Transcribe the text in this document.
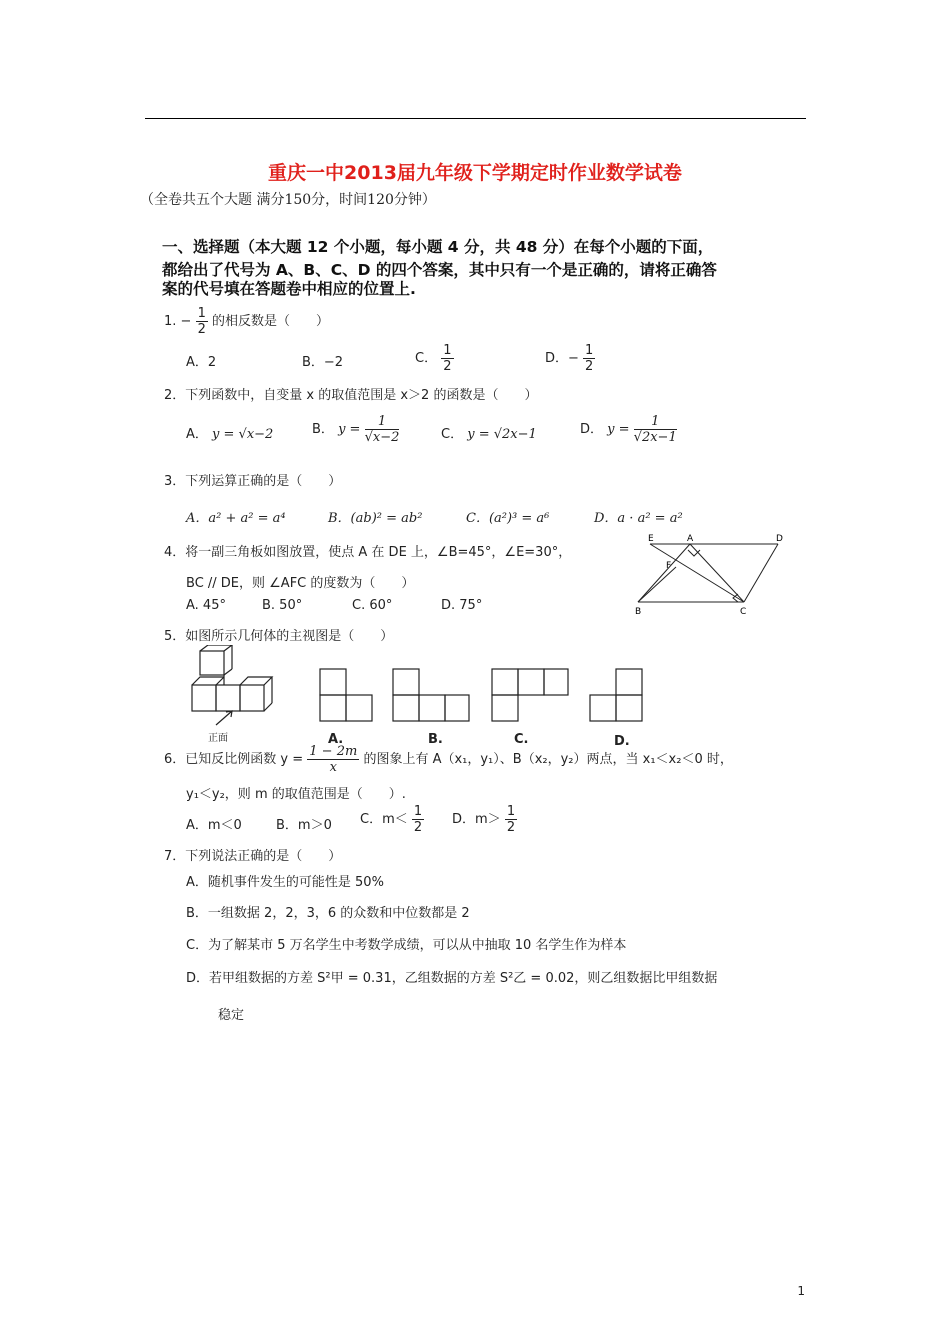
重庆一中2013届九年级下学期定时作业数学试卷
（全卷共五个大题 满分150分，时间120分钟）
一、选择题（本大题 12 个小题，每小题 4 分，共 48 分）在每个小题的下面，
都给出了代号为 A、B、C、D 的四个答案，其中只有一个是正确的，请将正确答
案的代号填在答题卷中相应的位置上.
1. − $\frac{1}{2}$ 的相反数是（　　）
A．2	B．−2	C． $\frac{1}{2}$	D．− $\frac{1}{2}$
2．下列函数中，自变量 x 的取值范围是 x＞2 的函数是（　　）
A． y = √x−2	B． $y = \frac{1}{√x-2}$	C． y = √2x−1	D． $y = \frac{1}{√2x-1}$
3．下列运算正确的是（　　）
A．a² + a² = a⁴	B．(ab)² = ab²	C．(a²)³ = a⁶	D．a · a² = a²
4．将一副三角板如图放置，使点 A 在 DE 上，∠B=45°，∠E=30°，
BC // DE，则 ∠AFC 的度数为（　　）
A. 45°	B. 50°	C. 60°	D. 75°
E	A	D
F
B	C
5．如图所示几何体的主视图是（　　）
正面	A.	B.	C.	D.
6．已知反比例函数 $y = \frac{1 - 2m}{x}$ 的图象上有 A（x₁，y₁）、B（x₂，y₂）两点，当 x₁＜x₂＜0 时，
y₁＜y₂，则 m 的取值范围是（　　）.
A．m＜0	B．m＞0 C．$m< \frac{1}{2}$ D．$m> \frac{1}{2}$
7．下列说法正确的是（　　）
A．随机事件发生的可能性是 50%
B．一组数据 2，2，3，6 的众数和中位数都是 2
C．为了解某市 5 万名学生中考数学成绩，可以从中抽取 10 名学生作为样本
D．若甲组数据的方差 S²甲 = 0.31，乙组数据的方差 S²乙 = 0.02，则乙组数据比甲组数据
稳定
1
